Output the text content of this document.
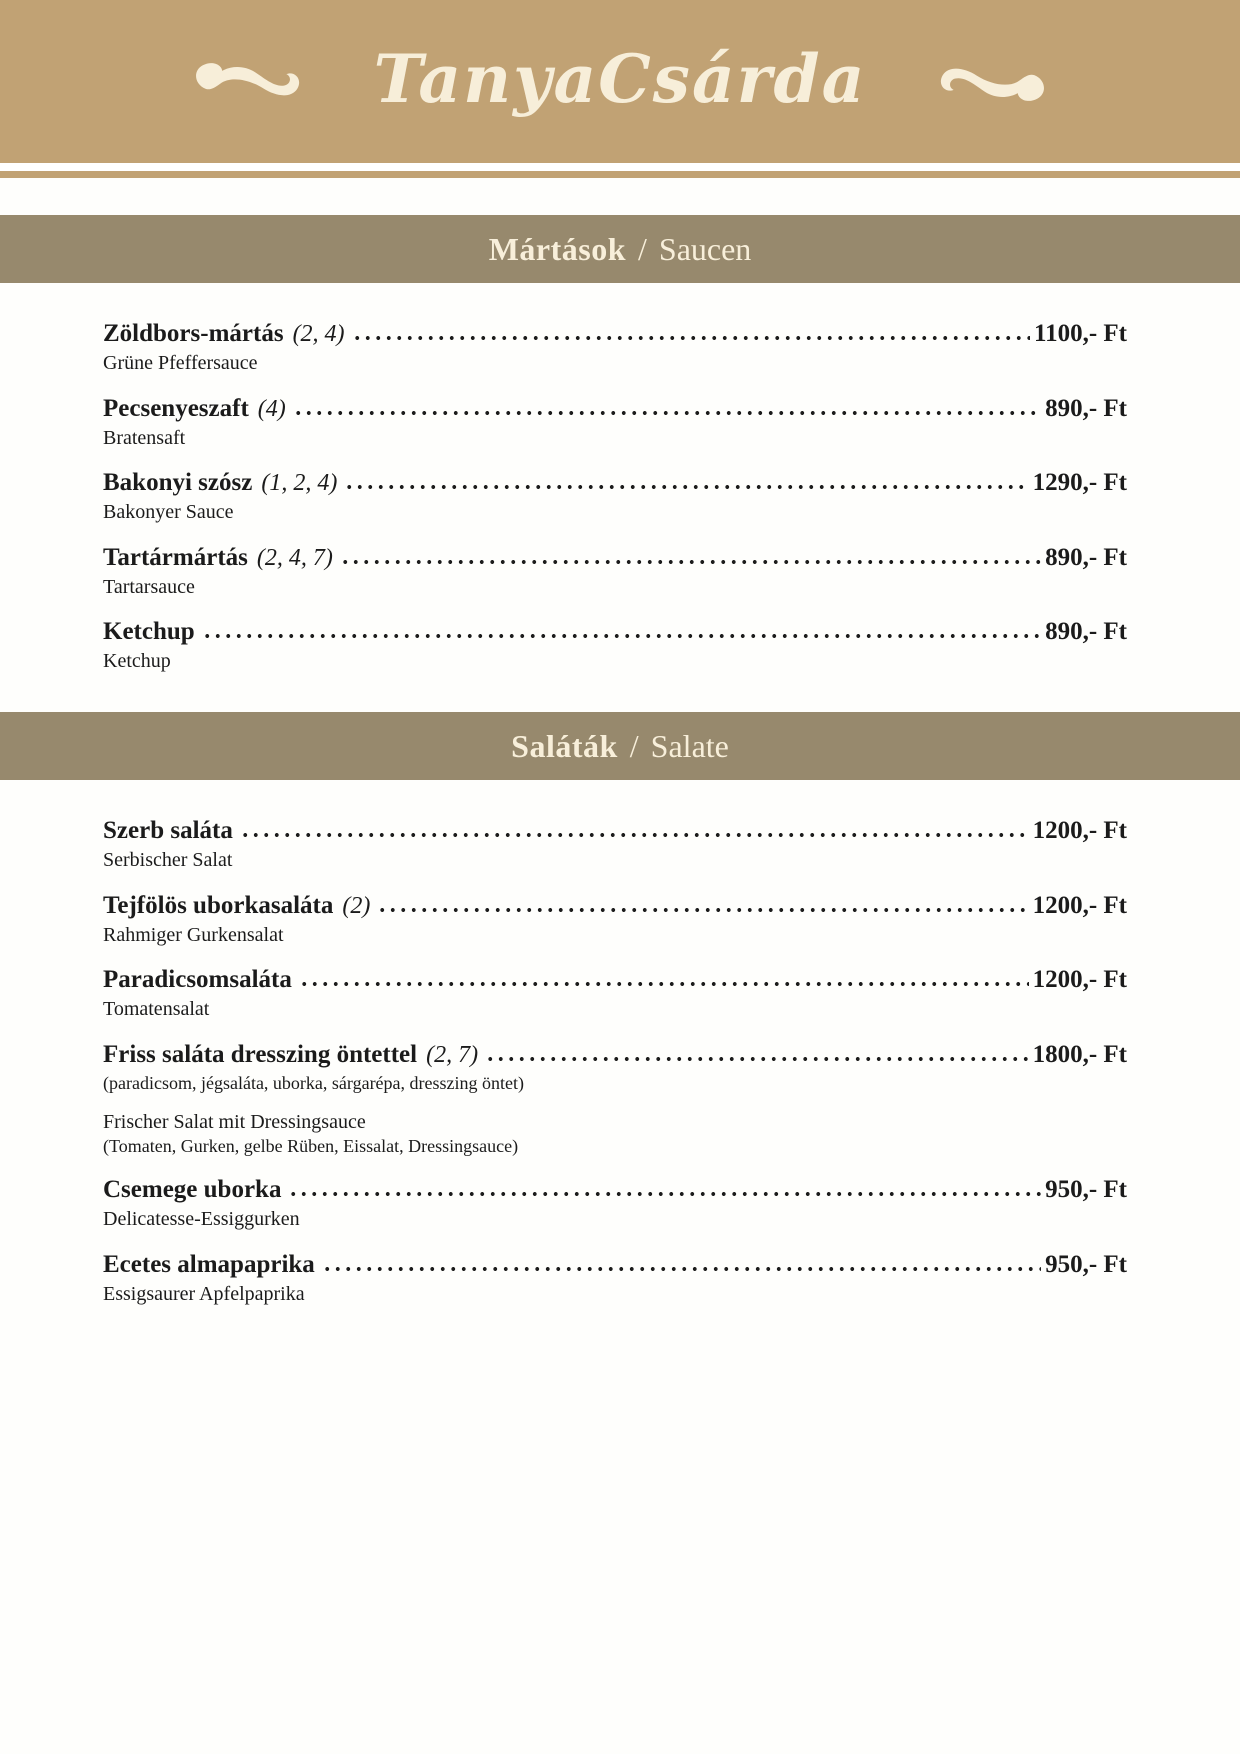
TanyaCsárda
Mártások / Saucen
Zöldbors-mártás (2, 4)	1100,- Ft
Grüne Pfeffersauce
Pecsenyeszaft (4)	890,- Ft
Bratensaft
Bakonyi szósz (1, 2, 4)	1290,- Ft
Bakonyer Sauce
Tartármártás (2, 4, 7)	890,- Ft
Tartarsauce
Ketchup	890,- Ft
Ketchup
Saláták / Salate
Szerb saláta	1200,- Ft
Serbischer Salat
Tejfölös uborkasaláta (2)	1200,- Ft
Rahmiger Gurkensalat
Paradicsomsaláta	1200,- Ft
Tomatensalat
Friss saláta dresszing öntettel (2, 7)	1800,- Ft
(paradicsom, jégsaláta, uborka, sárgarépa, dresszing öntet)
Frischer Salat mit Dressingsauce
(Tomaten, Gurken, gelbe Rüben, Eissalat, Dressingsauce)
Csemege uborka	950,- Ft
Delicatesse-Essiggurken
Ecetes almapaprika	950,- Ft
Essigsaurer Apfelpaprika
